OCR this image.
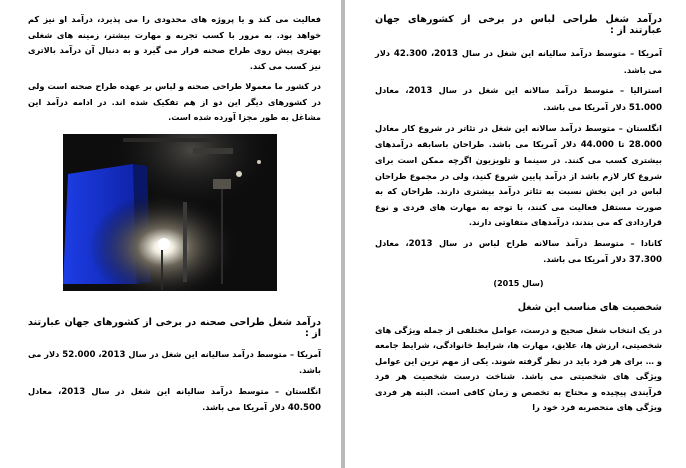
فعالیت می کند و یا پروژه های محدودی را می پذیرد، درآمد او نیز کم خواهد بود. به مرور با کسب تجربه و مهارت بیشتر، زمینه های شغلی بهتری پیش روی طراح صحنه قرار می گیرد و به دنبال آن درآمد بالاتری نیز کسب می کند.

در کشور ما معمولا طراحی صحنه و لباس بر عهده طراح صحنه است ولی در کشورهای دیگر این دو از هم تفکیک شده اند. در ادامه درآمد این مشاغل به طور مجزا آورده شده است.

درآمد شغل طراحی صحنه در برخی از کشورهای جهان عبارتند از :

آمریکا – متوسط درآمد سالیانه این شغل در سال 2013، 52.000 دلار می باشد.

انگلستان – متوسط درآمد سالیانه این شغل در سال 2013، معادل 40.500 دلار آمریکا می باشد.

درآمد شغل طراحی لباس در برخی از کشورهای جهان عبارتند از :

آمریکا – متوسط درآمد سالیانه این شغل در سال 2013، 42.300 دلار می باشد.

استرالیا – متوسط درآمد سالانه این شغل در سال 2013، معادل 51.000 دلار آمریکا می باشد.

انگلستان – متوسط درآمد سالانه این شغل در تئاتر در شروع کار معادل 28.000 تا 44.000 دلار آمریکا می باشد. طراحان باسابقه درآمدهای بیشتری کسب می کنند. در سینما و تلویزیون اگرچه ممکن است برای شروع کار لازم باشد از درآمد پایین شروع کنید، ولی در مجموع طراحان لباس در این بخش نسبت به تئاتر درآمد بیشتری دارند. طراحان که به صورت مستقل فعالیت می کنند، با توجه به مهارت های فردی و نوع قراردادی که می بندند، درآمدهای متفاوتی دارند.

کانادا – متوسط درآمد سالانه طراح لباس در سال 2013، معادل 37.300 دلار آمریکا می باشد.

(سال 2015)

شخصیت های مناسب این شغل

در یک انتخاب شغل صحیح و درست، عوامل مختلفی از جمله ویژگی های شخصیتی، ارزش ها، علایق، مهارت ها، شرایط خانوادگی، شرایط جامعه و … برای هر فرد باید در نظر گرفته شوند. یکی از مهم ترین این عوامل ویژگی های شخصیتی می باشد. شناخت درست شخصیت هر فرد فرآیندی پیچیده و محتاج به تخصص و زمان کافی است. البته هر فردی ویژگی های منحصربه فرد خود را
